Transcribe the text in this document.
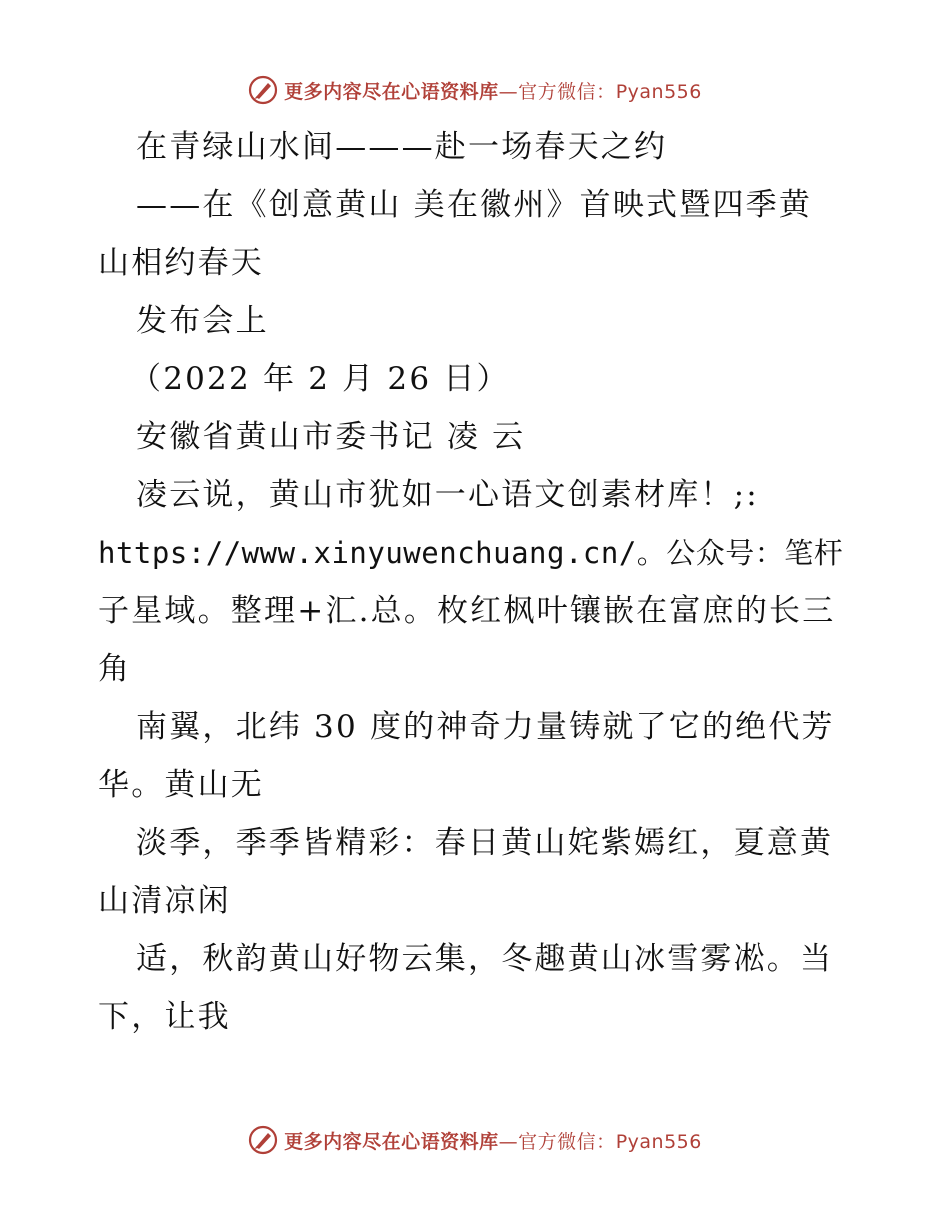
更多内容尽在心语资料库—官方微信：Pyan556
在青绿山水间———赴一场春天之约
——在《创意黄山 美在徽州》首映式暨四季黄
山相约春天
发布会上
（2022 年 2 月 26 日）
安徽省黄山市委书记 凌 云
凌云说，黄山市犹如一心语文创素材库！;:
https://www.xinyuwenchuang.cn/。公众号：笔杆
子星域。整理+汇.总。枚红枫叶镶嵌在富庶的长三
角
南翼，北纬 30 度的神奇力量铸就了它的绝代芳
华。黄山无
淡季，季季皆精彩：春日黄山姹紫嫣红，夏意黄
山清凉闲
适，秋韵黄山好物云集，冬趣黄山冰雪雾凇。当
下，让我
更多内容尽在心语资料库—官方微信：Pyan556
